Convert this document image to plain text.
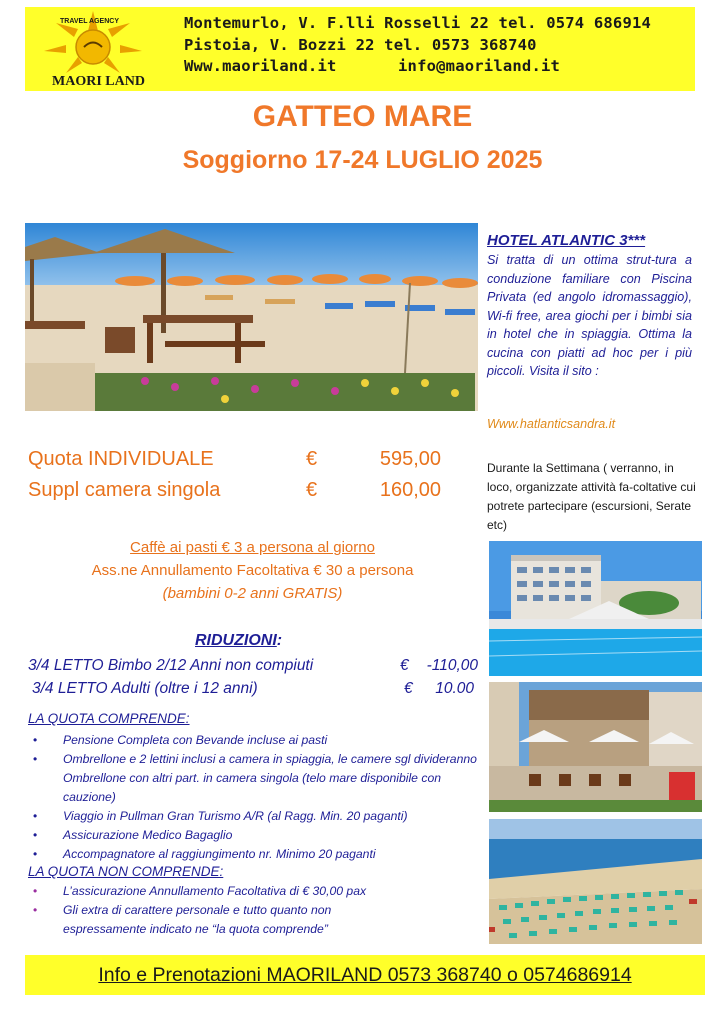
TRAVEL AGENCY
MAORI LAND
Montemurlo, V. F.lli Rosselli 22 tel. 0574 686914
Pistoia, V. Bozzi 22 tel. 0573 368740
Www.maoriland.it	info@maoriland.it
GATTEO MARE
Soggiorno 17-24 LUGLIO 2025
HOTEL ATLANTIC 3***
Si tratta di un ottima strut-tura a conduzione familiare con Piscina Privata (ed angolo idromassaggio), Wi-fi free, area giochi per i bimbi sia in hotel che in spiaggia. Ottima la cucina con piatti ad hoc per i più piccoli. Visita il sito :
Www.hatlanticsandra.it
Durante la Settimana ( verranno, in loco, organizzate attività fa-coltative cui potrete partecipare (escursioni, Serate etc)
Quota INDIVIDUALE	€	595,00
Suppl camera singola	€	160,00
Caffè ai pasti € 3 a persona al giorno
Ass.ne Annullamento Facoltativa € 30 a persona
(bambini 0-2 anni GRATIS)
RIDUZIONI:
3/4 LETTO Bimbo 2/12 Anni non compiuti	€	-110,00
3/4 LETTO Adulti (oltre i 12 anni)	€	10.00
LA QUOTA COMPRENDE:
• Pensione Completa con Bevande incluse ai pasti
• Ombrellone e 2 lettini inclusi a camera in spiaggia, le camere sgl divideranno Ombrellone con altri part. in camera singola (telo mare disponibile con cauzione)
• Viaggio in Pullman Gran Turismo A/R (al Ragg. Min. 20 paganti)
• Assicurazione Medico Bagaglio
• Accompagnatore al raggiungimento nr. Minimo 20 paganti
LA QUOTA NON COMPRENDE:
• L’assicurazione Annullamento Facoltativa di € 30,00 pax
• Gli extra di carattere personale e tutto quanto non espressamente indicato ne “la quota comprende”
Info e Prenotazioni MAORILAND 0573 368740 o 0574686914
